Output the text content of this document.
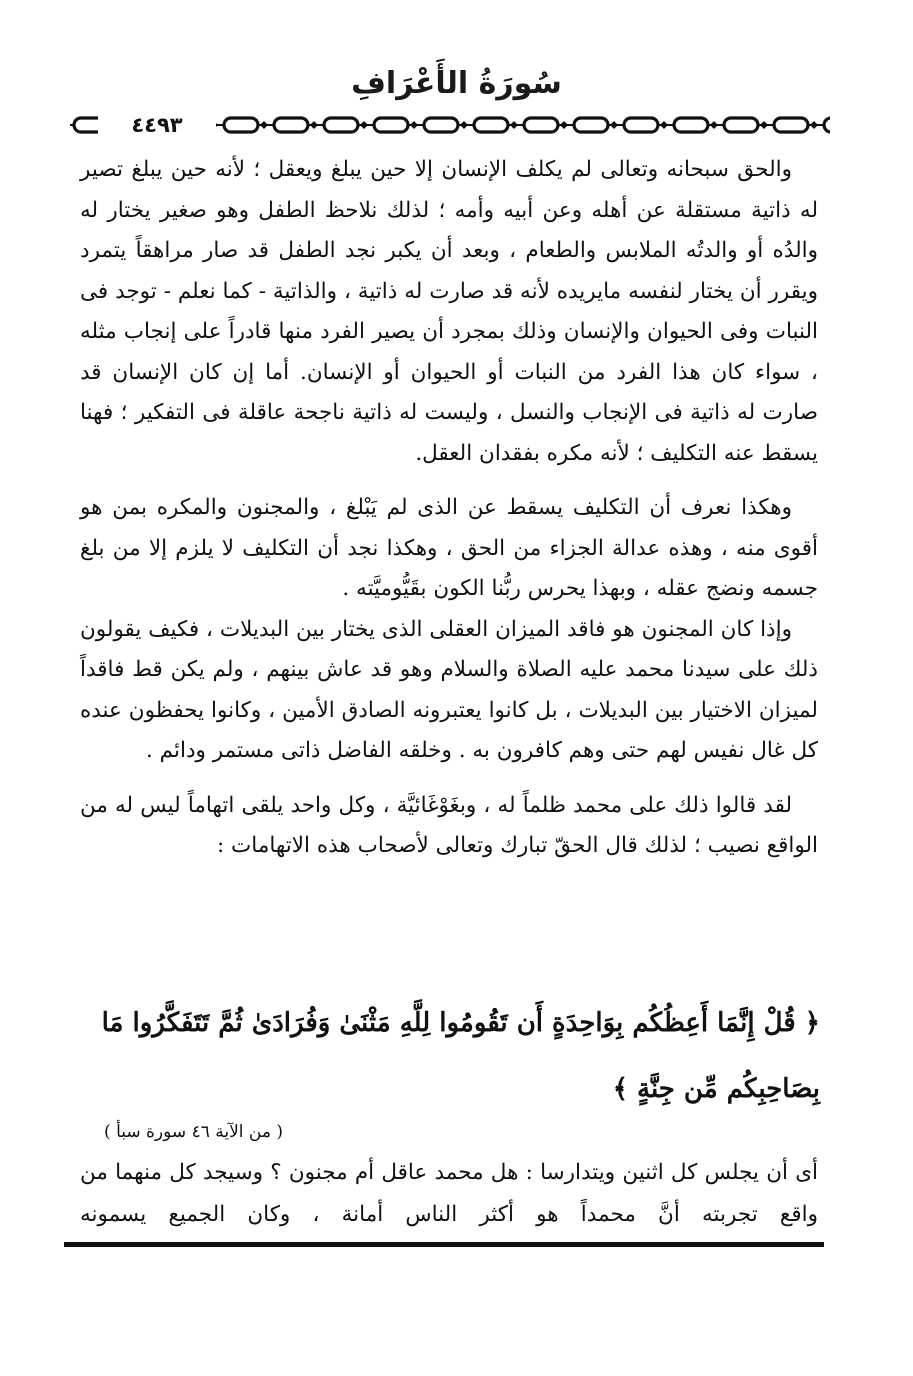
سُورَةُ الأَعْرَافِ
٤٤٩٣

والحق سبحانه وتعالى لم يكلف الإنسان إلا حين يبلغ ويعقل ؛ لأنه حين يبلغ تصير له ذاتية مستقلة عن أهله وعن أبيه وأمه ؛ لذلك نلاحظ الطفل وهو صغير يختار له والدُه أو والدتُه الملابس والطعام ، وبعد أن يكبر نجد الطفل قد صار مراهقاً يتمرد ويقرر أن يختار لنفسه مايريده لأنه قد صارت له ذاتية ، والذاتية - كما نعلم - توجد فى النبات وفى الحيوان والإنسان وذلك بمجرد أن يصير الفرد منها قادراً على إنجاب مثله ، سواء كان هذا الفرد من النبات أو الحيوان أو الإنسان. أما إن كان الإنسان قد صارت له ذاتية فى الإنجاب والنسل ، وليست له ذاتية ناجحة عاقلة فى التفكير ؛ فهنا يسقط عنه التكليف ؛ لأنه مكره بفقدان العقل.

وهكذا نعرف أن التكليف يسقط عن الذى لم يَبْلغ ، والمجنون والمكره بمن هو أقوى منه ، وهذه عدالة الجزاء من الحق ، وهكذا نجد أن التكليف لا يلزم إلا من بلغ جسمه ونضج عقله ، وبهذا يحرس ربُّنا الكون بقَيُّوميَّته .

وإذا كان المجنون هو فاقد الميزان العقلى الذى يختار بين البديلات ، فكيف يقولون ذلك على سيدنا محمد عليه الصلاة والسلام وهو قد عاش بينهم ، ولم يكن قط فاقداً لميزان الاختيار بين البديلات ، بل كانوا يعتبرونه الصادق الأمين ، وكانوا يحفظون عنده كل غال نفيس لهم حتى وهم كافرون به . وخلقه الفاضل ذاتى مستمر ودائم .

لقد قالوا ذلك على محمد ظلماً له ، وبغَوْغَائيَّة ، وكل واحد يلقى اتهاماً ليس له من الواقع نصيب ؛ لذلك قال الحقّ تبارك وتعالى لأصحاب هذه الاتهامات :

﴿ قُلْ إِنَّمَا أَعِظُكُم بِوَاحِدَةٍ أَن تَقُومُوا لِلَّهِ مَثْنَىٰ وَفُرَادَىٰ ثُمَّ تَتَفَكَّرُوا مَا بِصَاحِبِكُم مِّن جِنَّةٍ ﴾
( من الآية ٤٦ سورة سبأ )
أى أن يجلس كل اثنين ويتدارسا : هل محمد عاقل أم مجنون ؟ وسيجد كل منهما من واقع تجربته أنَّ محمداً هو أكثر الناس أمانة ، وكان الجميع يسمونه
